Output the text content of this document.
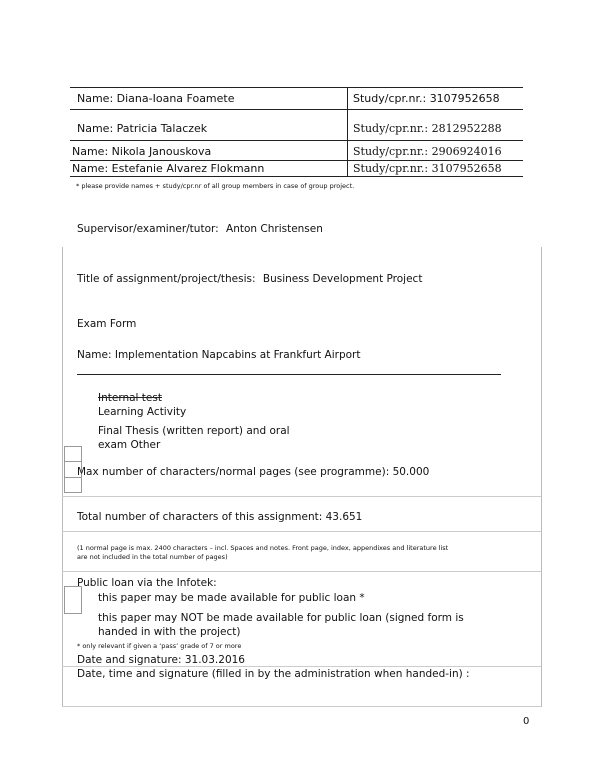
Name: Diana-Ioana Foamete	Study/cpr.nr.: 3107952658
Name: Patricia Talaczek	Study/cpr.nr.: 2812952288
Name: Nikola Janouskova	Study/cpr.nr.: 2906924016
Name: Estefanie Alvarez Flokmann	Study/cpr.nr.: 3107952658
* please provide names + study/cpr.nr of all group members in case of group project.
Supervisor/examiner/tutor: Anton Christensen
Title of assignment/project/thesis: Business Development Project
Exam Form
Name: Implementation Napcabins at Frankfurt Airport
Internal test
Learning Activity
Final Thesis (written report) and oral
exam Other
Max number of characters/normal pages (see programme): 50.000
Total number of characters of this assignment: 43.651
(1 normal page is max. 2400 characters – incl. Spaces and notes. Front page, index, appendixes and literature list
are not included in the total number of pages)
Public loan via the Infotek:
this paper may be made available for public loan *
this paper may NOT be made available for public loan (signed form is
handed in with the project)
* only relevant if given a ‘pass’ grade of 7 or more
Date and signature: 31.03.2016
Date, time and signature (filled in by the administration when handed-in) :
0
